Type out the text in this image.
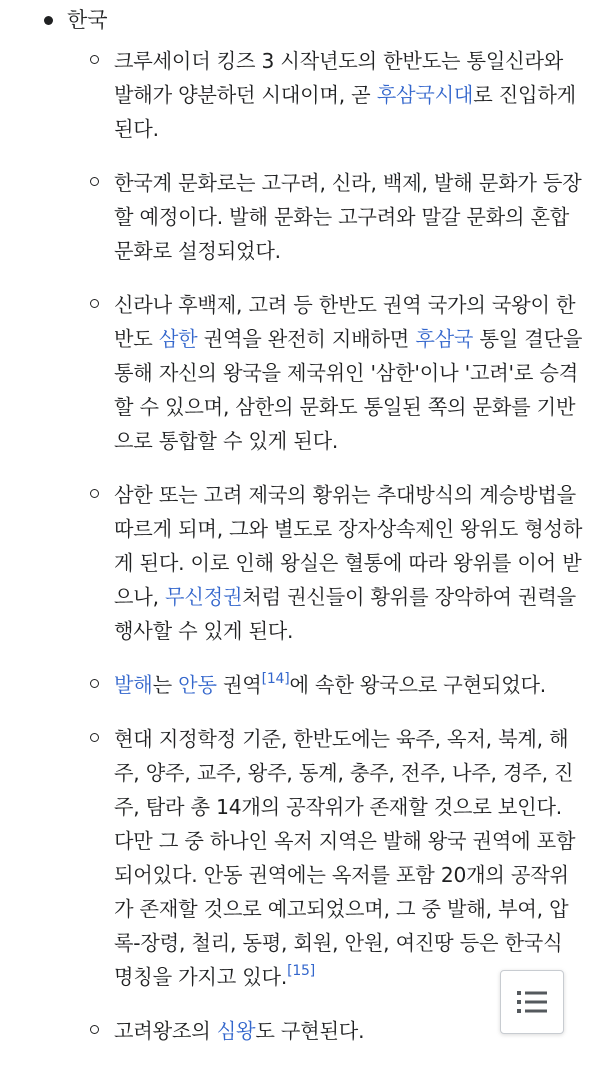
한국
크루세이더 킹즈 3 시작년도의 한반도는 통일신라와 발해가 양분하던 시대이며, 곧 후삼국시대로 진입하게 된다.
한국계 문화로는 고구려, 신라, 백제, 발해 문화가 등장할 예정이다. 발해 문화는 고구려와 말갈 문화의 혼합문화로 설정되었다.
신라나 후백제, 고려 등 한반도 권역 국가의 국왕이 한반도 삼한 권역을 완전히 지배하면 후삼국 통일 결단을 통해 자신의 왕국을 제국위인 '삼한'이나 '고려'로 승격할 수 있으며, 삼한의 문화도 통일된 쪽의 문화를 기반으로 통합할 수 있게 된다.
삼한 또는 고려 제국의 황위는 추대방식의 계승방법을 따르게 되며, 그와 별도로 장자상속제인 왕위도 형성하게 된다. 이로 인해 왕실은 혈통에 따라 왕위를 이어 받으나, 무신정권처럼 권신들이 황위를 장악하여 권력을 행사할 수 있게 된다.
발해는 안동 권역[14]에 속한 왕국으로 구현되었다.
현대 지정학정 기준, 한반도에는 육주, 옥저, 북계, 해주, 양주, 교주, 왕주, 동계, 충주, 전주, 나주, 경주, 진주, 탐라 총 14개의 공작위가 존재할 것으로 보인다. 다만 그 중 하나인 옥저 지역은 발해 왕국 권역에 포함되어있다. 안동 권역에는 옥저를 포함 20개의 공작위가 존재할 것으로 예고되었으며, 그 중 발해, 부여, 압록-장령, 철리, 동평, 회원, 안원, 여진땅 등은 한국식 명칭을 가지고 있다.[15]
고려왕조의 심왕도 구현된다.
